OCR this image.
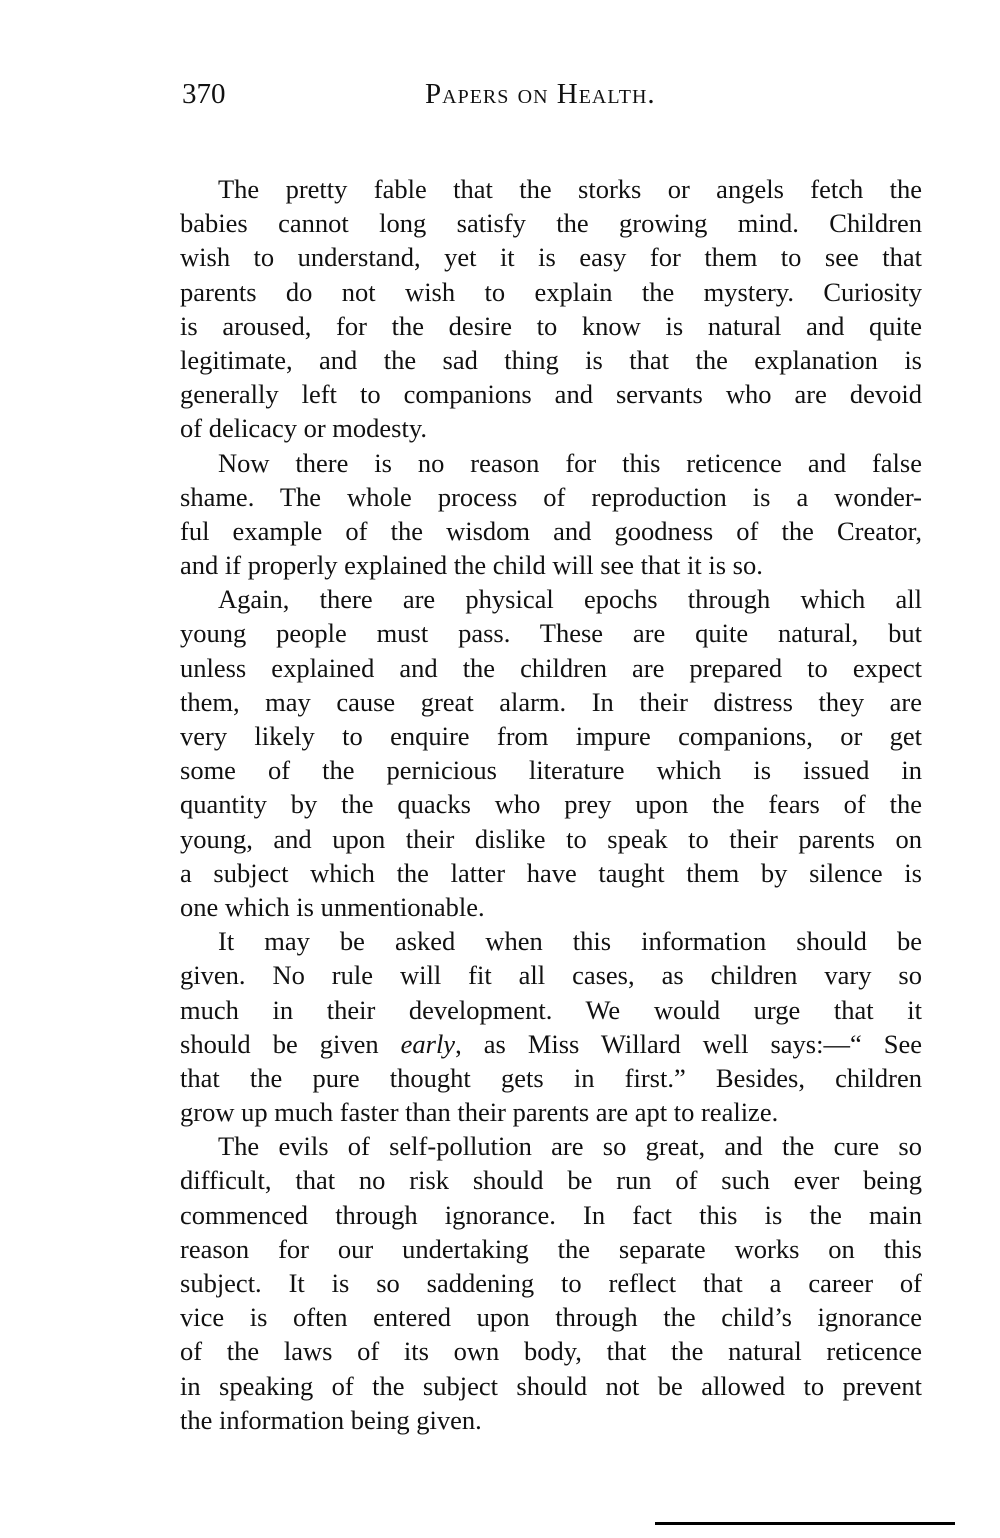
370	Papers on Health.
The pretty fable that the storks or angels fetch the
babies cannot long satisfy the growing mind. Children
wish to understand, yet it is easy for them to see that
parents do not wish to explain the mystery. Curiosity
is aroused, for the desire to know is natural and quite
legitimate, and the sad thing is that the explanation is
generally left to companions and servants who are devoid
of delicacy or modesty.
Now there is no reason for this reticence and false
shame. The whole process of reproduction is a wonder-
ful example of the wisdom and goodness of the Creator,
and if properly explained the child will see that it is so.
Again, there are physical epochs through which all
young people must pass. These are quite natural, but
unless explained and the children are prepared to expect
them, may cause great alarm. In their distress they are
very likely to enquire from impure companions, or get
some of the pernicious literature which is issued in
quantity by the quacks who prey upon the fears of the
young, and upon their dislike to speak to their parents on
a subject which the latter have taught them by silence is
one which is unmentionable.
It may be asked when this information should be
given. No rule will fit all cases, as children vary so
much in their development. We would urge that it
should be given early, as Miss Willard well says:—“ See
that the pure thought gets in first.” Besides, children
grow up much faster than their parents are apt to realize.
The evils of self-pollution are so great, and the cure so
difficult, that no risk should be run of such ever being
commenced through ignorance. In fact this is the main
reason for our undertaking the separate works on this
subject. It is so saddening to reflect that a career of
vice is often entered upon through the child’s ignorance
of the laws of its own body, that the natural reticence
in speaking of the subject should not be allowed to prevent
the information being given.
